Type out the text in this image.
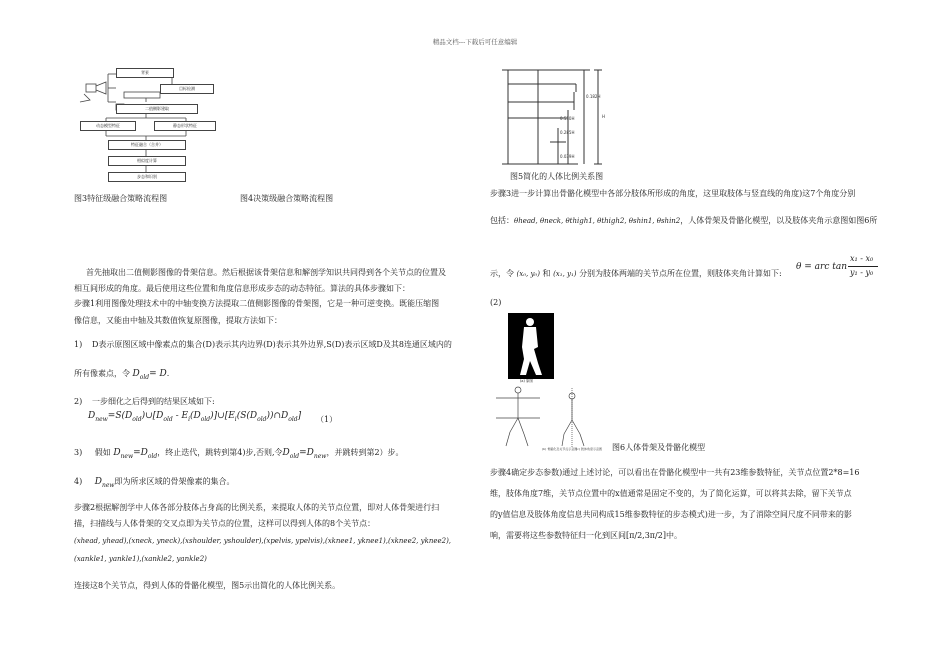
精品文档---下载后可任意编辑
背景
目标检测
二值侧影建取
动态模型特征	静态形状特征
特征融合（合并）
相似度计算
步态和识别
图3特征级融合策略流程图	图4决策级融合策略流程图
首先抽取出二值侧影图像的骨架信息。然后根据该骨架信息和解剖学知识共同得到各个关节点的位置及
相互间形成的角度。最后使用这些位置和角度信息形成步态的动态特征。算法的具体步骤如下：
步骤1利用图像处理技术中的中轴变换方法提取二值侧影图像的骨架图，它是一种可逆变换。既能压缩图
像信息，又能由中轴及其数值恢复原图像，提取方法如下：
1) D表示原图区域中像素点的集合(D)表示其内边界(D)表示其外边界,S(D)表示区域D及其8连通区域内的
所有像素点，令 $D_{old}= D$.
2) 一步细化之后得到的结果区域如下:
$D_{new}=S(D_{old})\cup[D_{old}$ - $E_i(D_{old})]\cup[E_i(S(D_{old}))\cap D_{old}]$ （1）
3) 假如 $D_{new}=D_{old}$，终止迭代，跳转到第4)步,否则,令$D_{old}=D_{new}$，并跳转到第2）步。
4) $D_{new}$即为所求区域的骨架像素的集合。
步骤2根据解剖学中人体各部分肢体占身高的比例关系，来提取人体的关节点位置，即对人体骨架进行扫
描，扫描线与人体骨架的交叉点即为关节点的位置，这样可以得到人体的8个关节点：
(xhead, yhead),(xneck, yneck),(xshoulder, yshoulder),(xpelvis, ypelvis),(xknee1, yknee1),(xknee2, yknee2),
(xankle1, yankle1),(xankle2, yankle2)
连接这8个关节点，得到人体的骨骼化模型，图5示出简化的人体比例关系。
0.182H
0.530H
0.285H
0.039H
H
图5简化的人体比例关系图
步骤3进一步计算出骨骼化模型中各部分肢体所形成的角度，这里取肢体与竖直线的角度)这7个角度分别
包括：θhead, θneck, θthigh1, θthigh2, θshin1, θshin2，人体骨架及骨骼化模型，以及肢体夹角示意图如图6所
示，令 (x₀, y₀) 和 (x₁, y₁) 分别为肢体两端的关节点所在位置，则肢体夹角计算如下:
θ = arc tan
x₁ - x₀
y₁ - y₀
(2)
(a) 原图
(b) 骨骼化及关节点示意图
(c) 肢体角度示意图 图6人体骨架及骨骼化模型
步骤4确定步态参数)通过上述讨论，可以看出在骨骼化模型中一共有23维参数特征，关节点位置2*8=16
维，肢体角度7维，关节点位置中的x值通常是固定不变的，为了简化运算，可以将其去除，留下关节点
的y值信息及肢体角度信息共同构成15维参数特征的步态模式)进一步，为了消除空间尺度不同带来的影
响，需要将这些参数特征归一化到区间[π/2,3π/2]中。
